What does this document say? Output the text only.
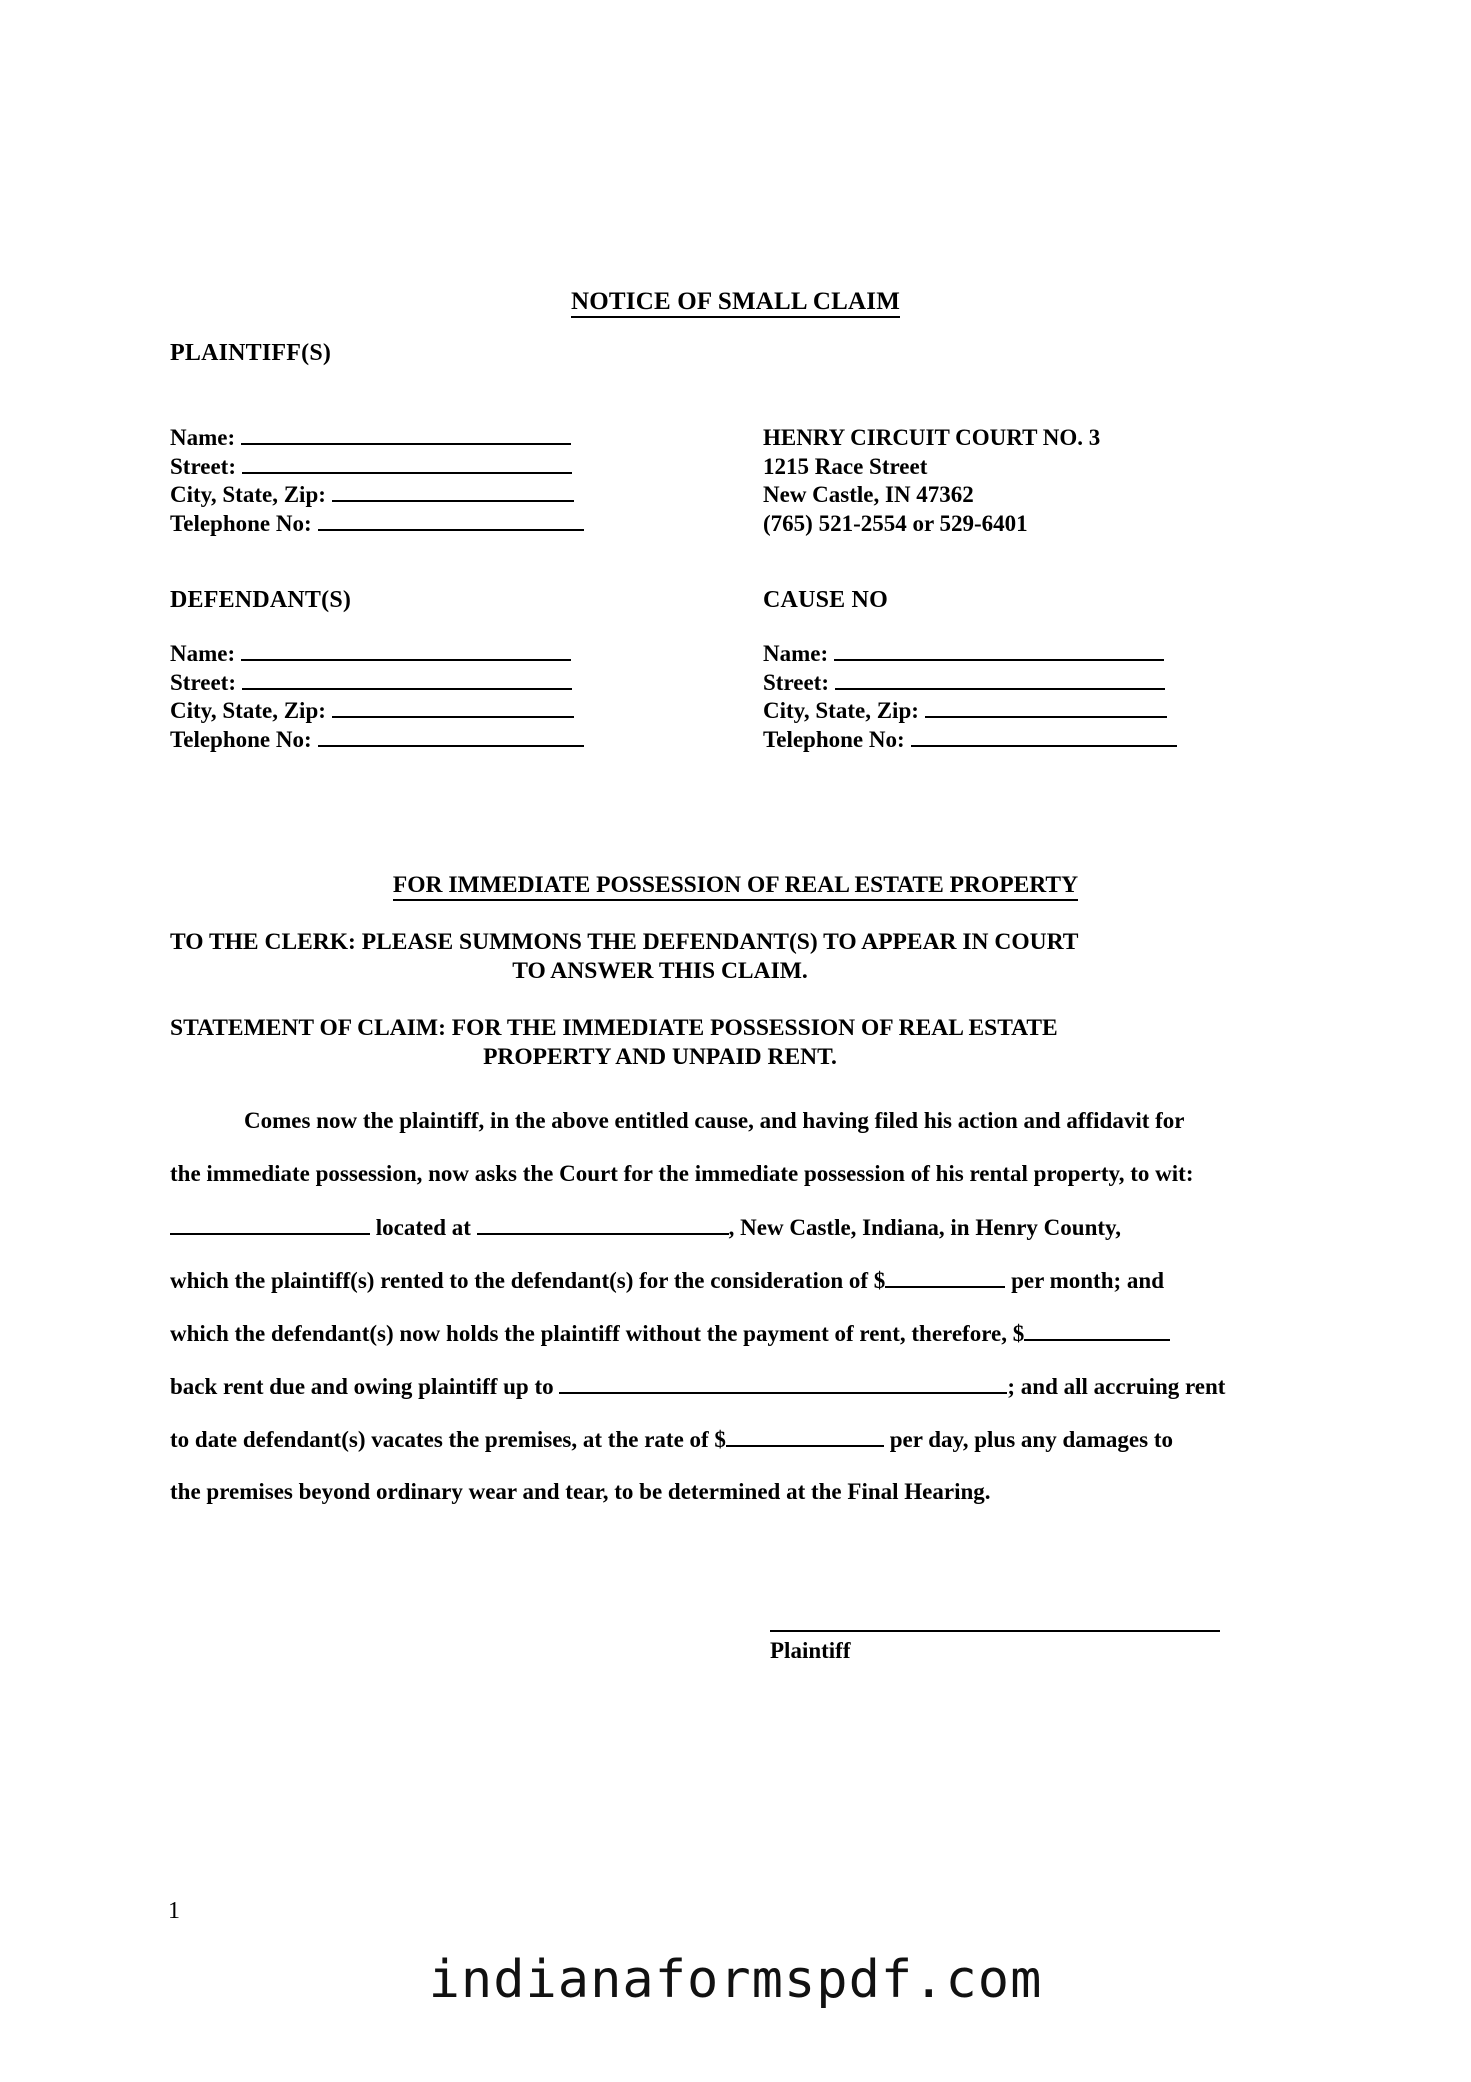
NOTICE OF SMALL CLAIM
PLAINTIFF(S)
Name:
Street:
City, State, Zip:
Telephone No:
HENRY CIRCUIT COURT NO. 3
1215 Race Street
New Castle, IN 47362
(765) 521-2554 or 529-6401
DEFENDANT(S)	CAUSE NO
Name:
Street:
City, State, Zip:
Telephone No:
Name:
Street:
City, State, Zip:
Telephone No:
FOR IMMEDIATE POSSESSION OF REAL ESTATE PROPERTY
TO THE CLERK: PLEASE SUMMONS THE DEFENDANT(S) TO APPEAR IN COURT
TO ANSWER THIS CLAIM.
STATEMENT OF CLAIM: FOR THE IMMEDIATE POSSESSION OF REAL ESTATE
PROPERTY AND UNPAID RENT.
Comes now the plaintiff, in the above entitled cause, and having filed his action and affidavit for
the immediate possession, now asks the Court for the immediate possession of his rental property, to wit:
located at	, New Castle, Indiana, in Henry County,
which the plaintiff(s) rented to the defendant(s) for the consideration of $	per month; and
which the defendant(s) now holds the plaintiff without the payment of rent, therefore, $
back rent due and owing plaintiff up to	; and all accruing rent
to date defendant(s) vacates the premises, at the rate of $	per day, plus any damages to
the premises beyond ordinary wear and tear, to be determined at the Final Hearing.
Plaintiff
1
indianaformspdf.com
